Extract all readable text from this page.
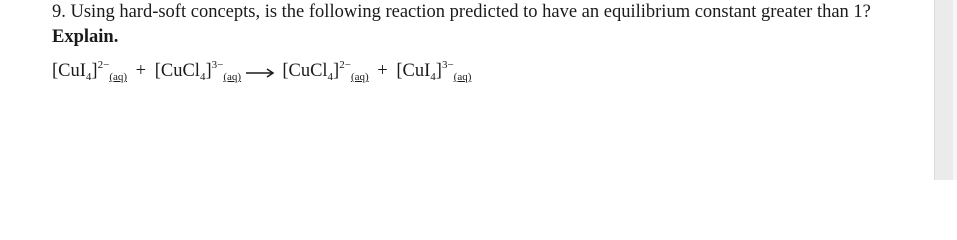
9. Using hard-soft concepts, is the following reaction predicted to have an equilibrium constant greater than 1? Explain.
$[CuI_4]^{2-}_{(aq)}$ + [CuCl$_4$]$^{3-}_{(aq)}$ → [CuCl$_4$]$^{2-}_{(aq)}$ + $[CuI_4]^{3-}_{(aq)}$
